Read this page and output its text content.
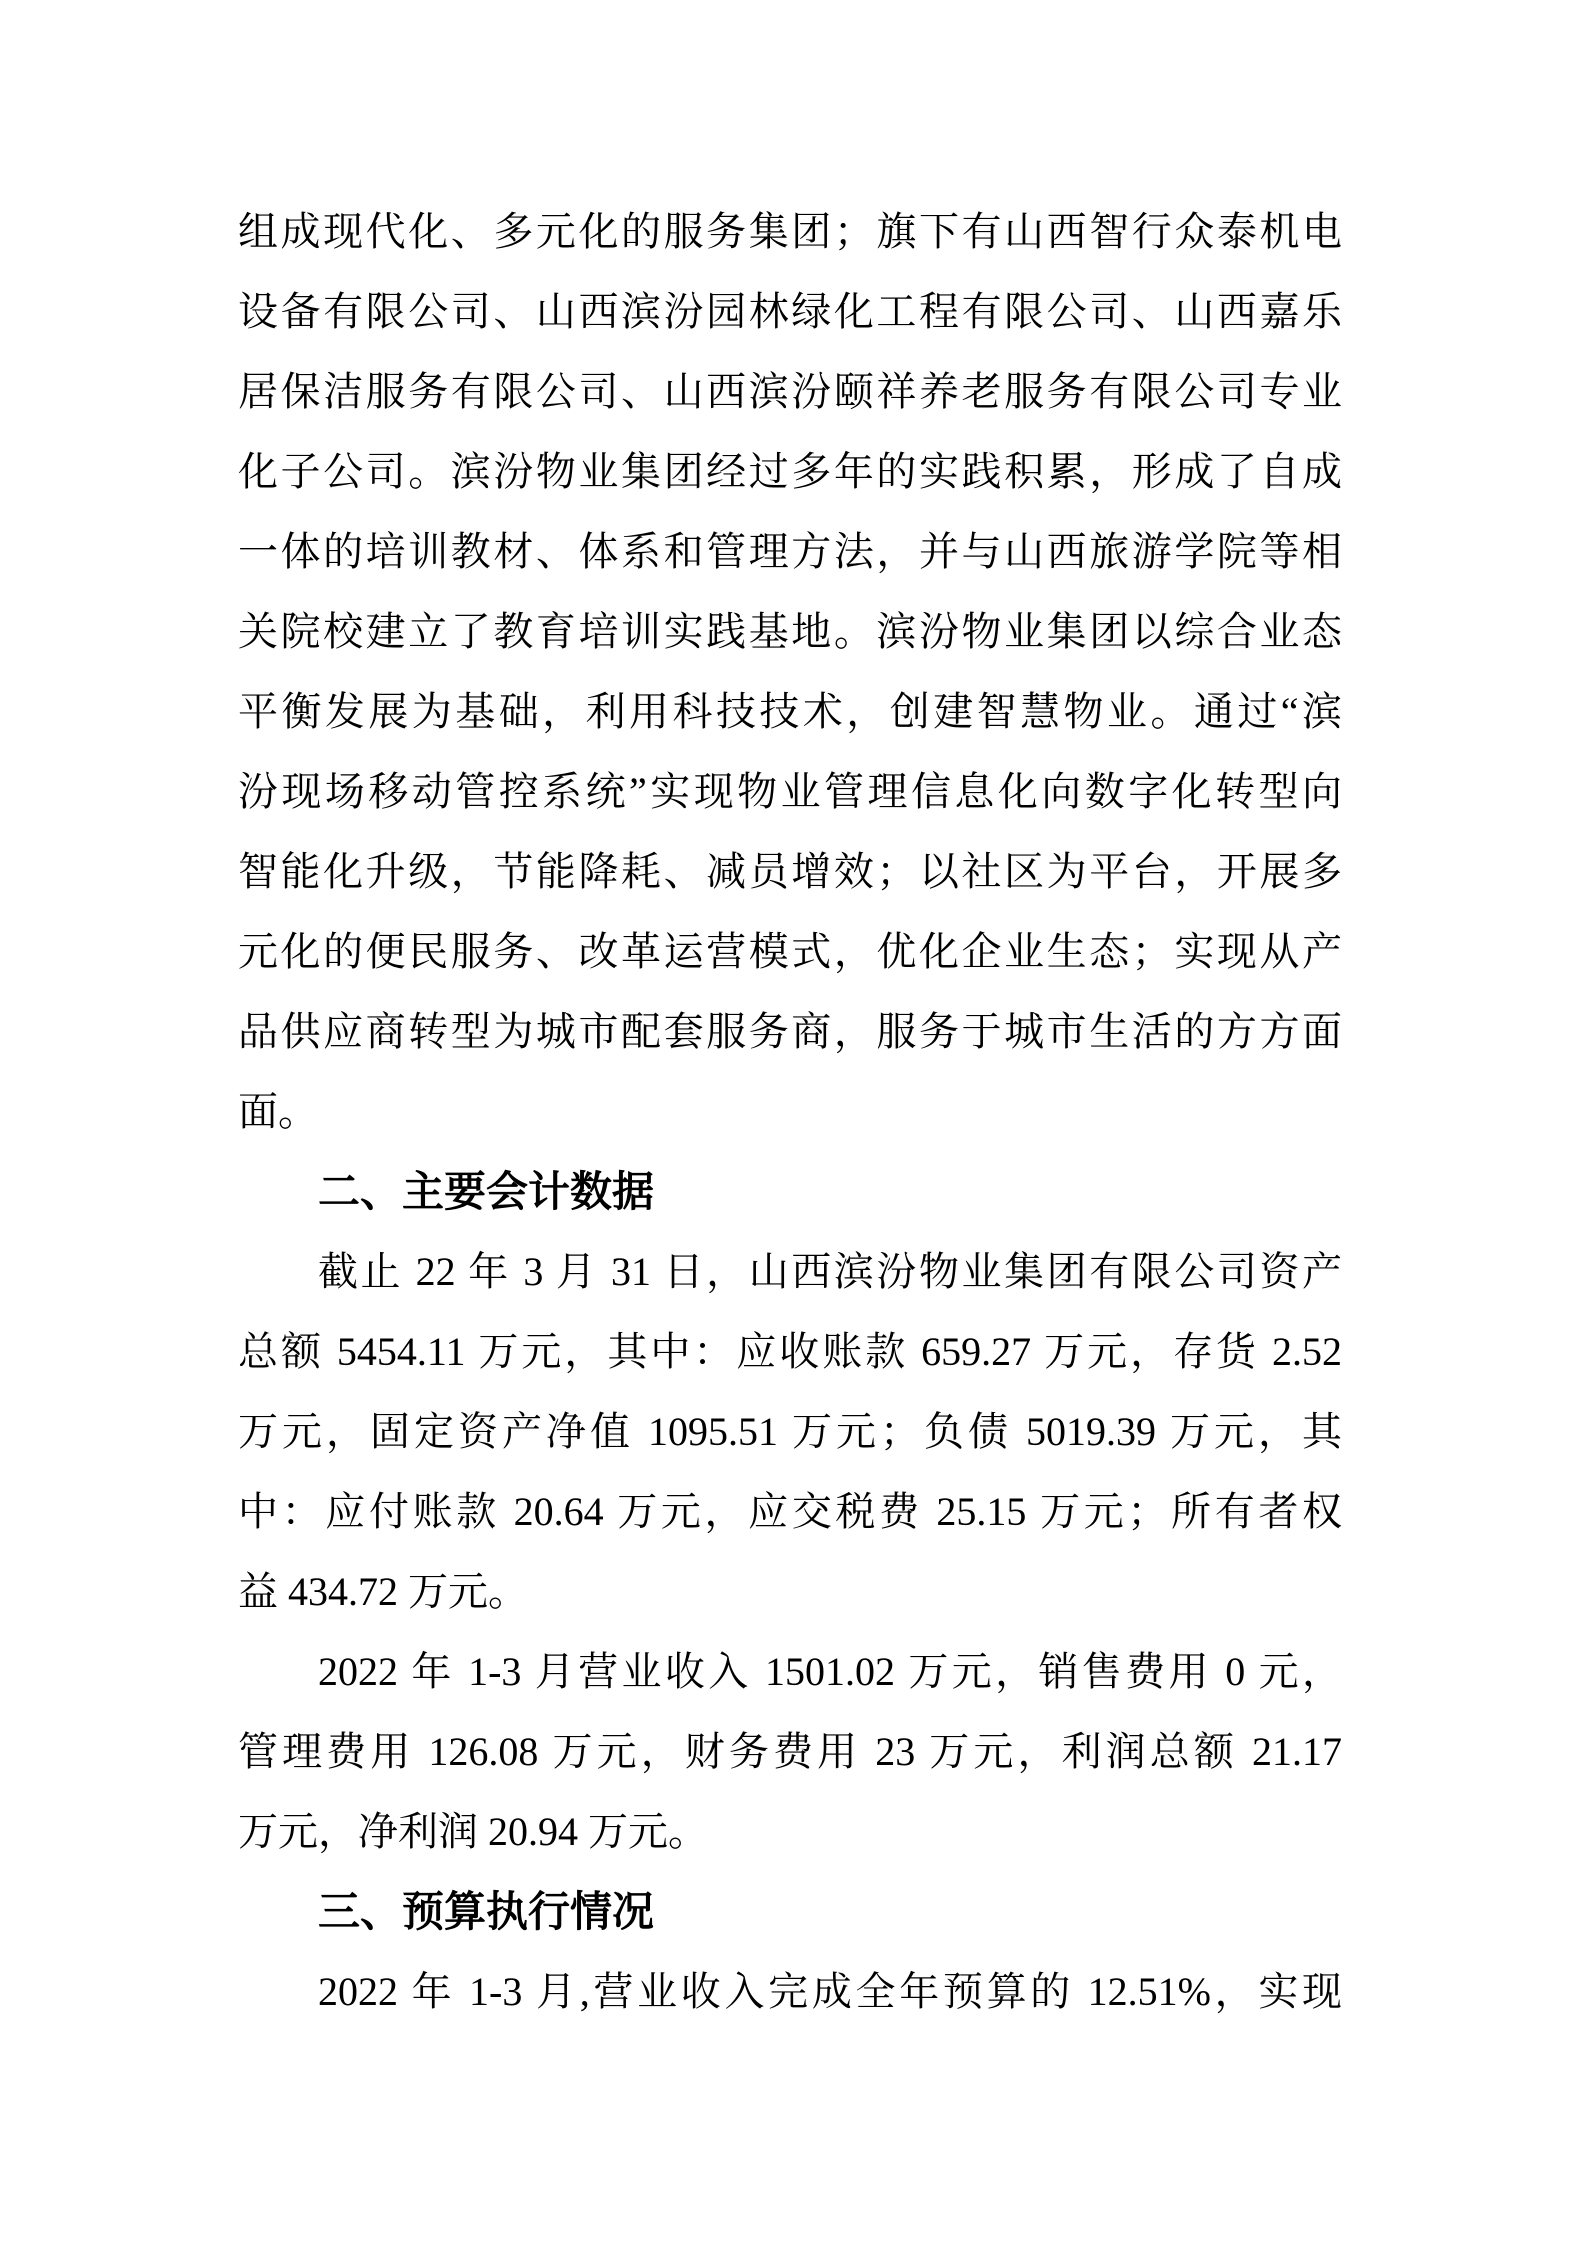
组成现代化、多元化的服务集团；旗下有山西智行众泰机电
设备有限公司、山西滨汾园林绿化工程有限公司、山西嘉乐
居保洁服务有限公司、山西滨汾颐祥养老服务有限公司专业
化子公司。滨汾物业集团经过多年的实践积累，形成了自成
一体的培训教材、体系和管理方法，并与山西旅游学院等相
关院校建立了教育培训实践基地。滨汾物业集团以综合业态
平衡发展为基础，利用科技技术，创建智慧物业。通过“滨
汾现场移动管控系统”实现物业管理信息化向数字化转型向
智能化升级，节能降耗、减员增效；以社区为平台，开展多
元化的便民服务、改革运营模式，优化企业生态；实现从产
品供应商转型为城市配套服务商，服务于城市生活的方方面
面。
二、主要会计数据
截止 22 年 3 月 31 日，山西滨汾物业集团有限公司资产
总额 5454.11 万元，其中：应收账款 659.27 万元，存货 2.52
万元，固定资产净值 1095.51 万元；负债 5019.39 万元，其
中：应付账款 20.64 万元，应交税费 25.15 万元；所有者权
益 434.72 万元。
2022 年 1-3 月营业收入 1501.02 万元，销售费用 0 元，
管理费用 126.08 万元，财务费用 23 万元，利润总额 21.17
万元，净利润 20.94 万元。
三、预算执行情况
2022 年 1-3 月,营业收入完成全年预算的 12.51%，实现
